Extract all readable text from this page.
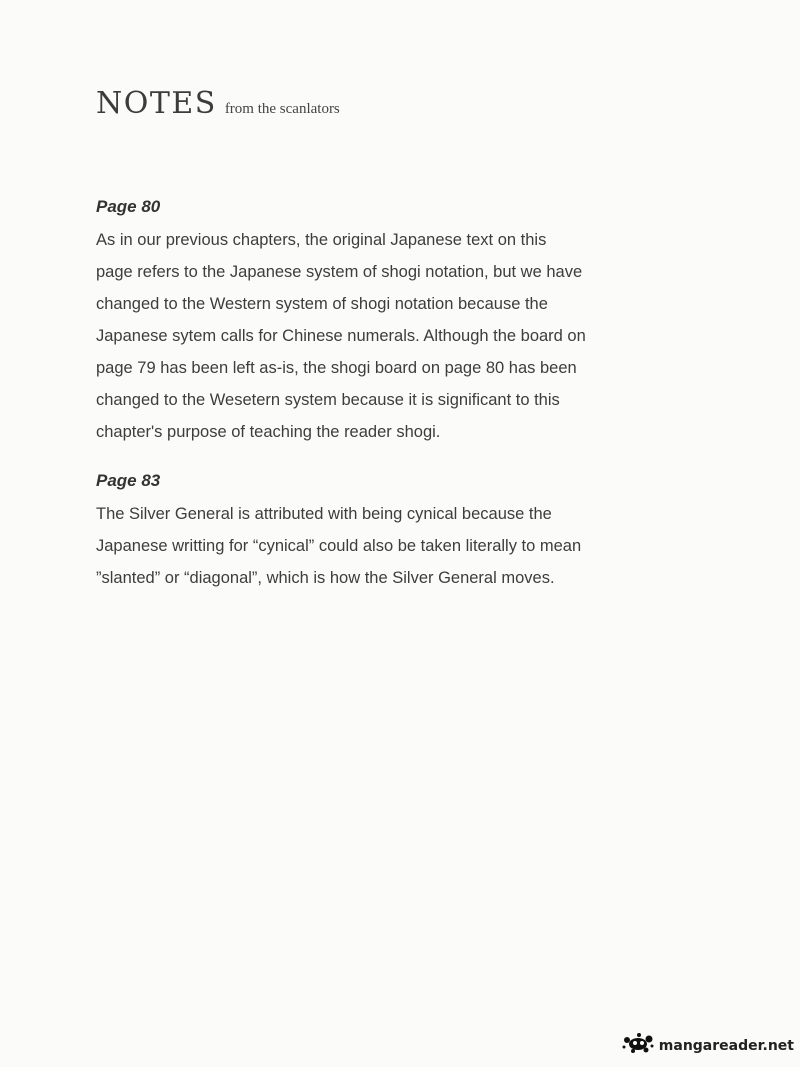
NOTES from the scanlators
Page 80
As in our previous chapters, the original Japanese text on this
page refers to the Japanese system of shogi notation, but we have
changed to the Western system of shogi notation because the
Japanese sytem calls for Chinese numerals. Although the board on
page 79 has been left as-is, the shogi board on page 80 has been
changed to the Wesetern system because it is significant to this
chapter's purpose of teaching the reader shogi.
Page 83
The Silver General is attributed with being cynical because the
Japanese writting for “cynical” could also be taken literally to mean
”slanted” or “diagonal”, which is how the Silver General moves.
mangareader.net
